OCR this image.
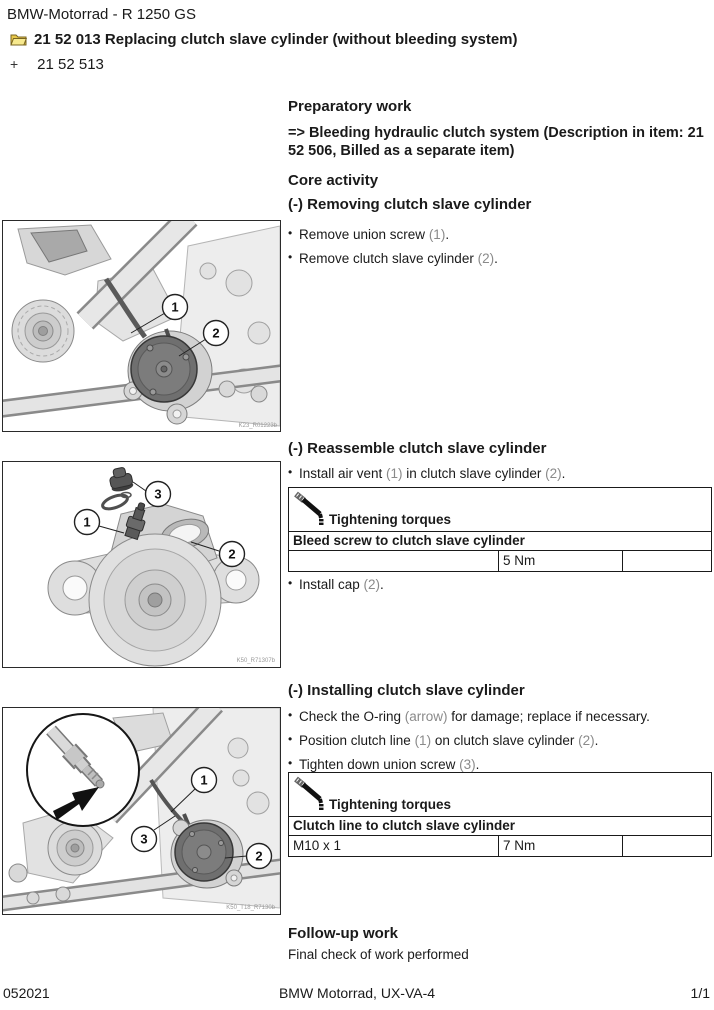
BMW-Motorrad - R 1250 GS
21 52 013 Replacing clutch slave cylinder (without bleeding system)
+ 21 52 513
Preparatory work
=> Bleeding hydraulic clutch system (Description in item: 21 52 506, Billed as a separate item)
Core activity
(-) Removing clutch slave cylinder
• Remove union screw (1).
• Remove clutch slave cylinder (2).
(-) Reassemble clutch slave cylinder
• Install air vent (1) in clutch slave cylinder (2).
Tightening torques
Bleed screw to clutch slave cylinder
5 Nm
• Install cap (2).
(-) Installing clutch slave cylinder
• Check the O-ring (arrow) for damage; replace if necessary.
• Position clutch line (1) on clutch slave cylinder (2).
• Tighten down union screw (3).
Tightening torques
Clutch line to clutch slave cylinder
M10 x 1	7 Nm
Follow-up work
Final check of work performed
1
2
K23_R01223b
3
1
2
K50_R71307b
1
3
2
K50_T18_R7130b
052021	BMW Motorrad, UX-VA-4	1/1
